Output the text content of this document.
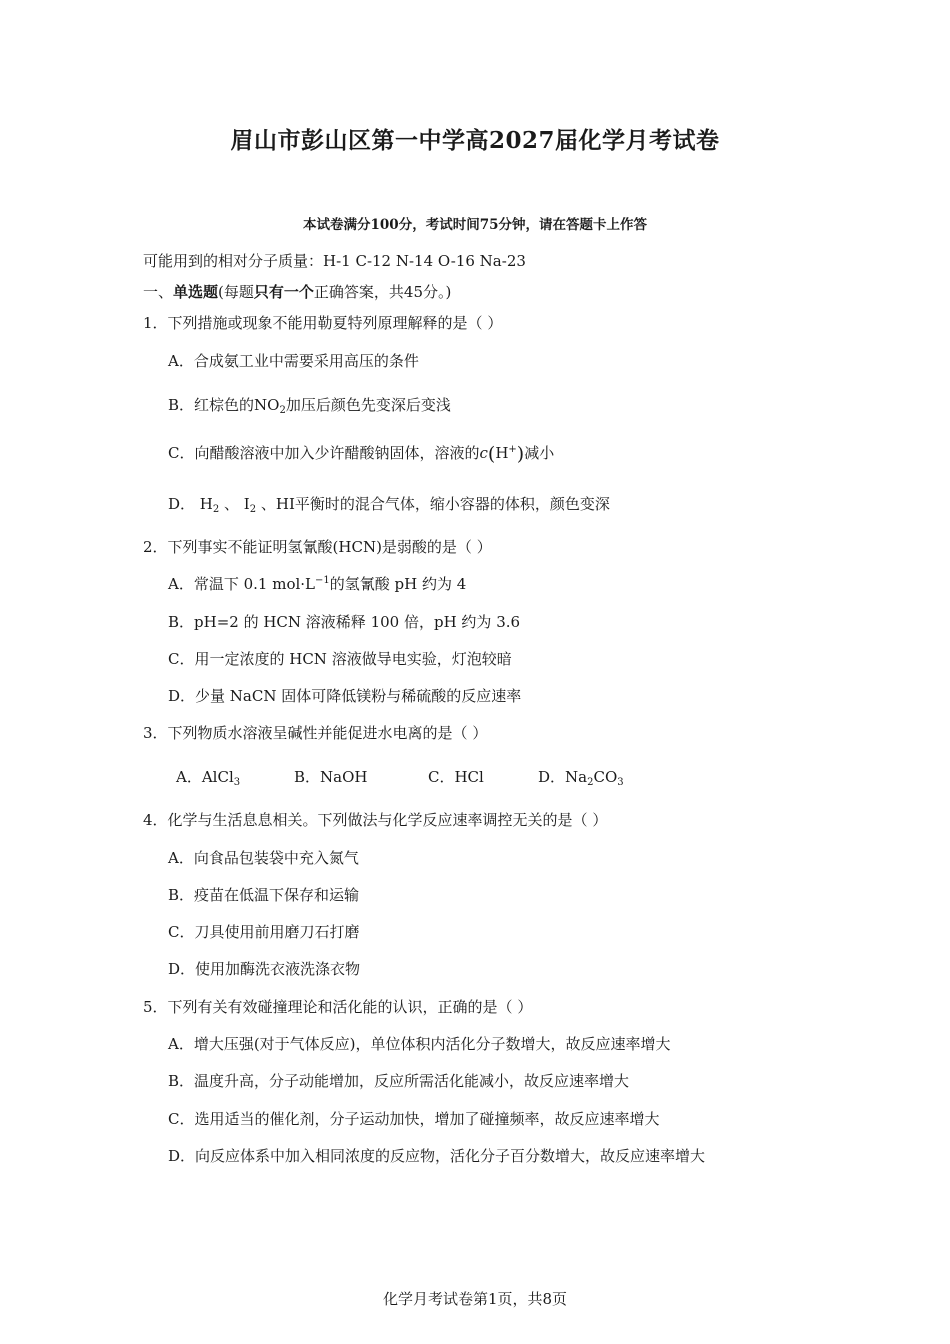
眉山市彭山区第一中学高2027届化学月考试卷
本试卷满分100分，考试时间75分钟，请在答题卡上作答
可能用到的相对分子质量：H-1 C-12 N-14 O-16 Na-23
一、单选题(每题只有一个正确答案，共45分。)
1．下列措施或现象不能用勒夏特列原理解释的是（ ）
A．合成氨工业中需要采用高压的条件
B．红棕色的$NO_2$加压后颜色先变深后变浅
C．向醋酸溶液中加入少许醋酸钠固体，溶液的c(H+)减小
D． $H_2$ 、 $I_2$ 、HI平衡时的混合气体，缩小容器的体积，颜色变深
2．下列事实不能证明氢氰酸(HCN)是弱酸的是（ ）
A．常温下 0.1 $mol\cdot L^{-1}$的氢氰酸 pH 约为 4
B．pH=2 的 HCN 溶液稀释 100 倍，pH 约为 3.6
C．用一定浓度的 HCN 溶液做导电实验，灯泡较暗
D．少量 NaCN 固体可降低镁粉与稀硫酸的反应速率
3．下列物质水溶液呈碱性并能促进水电离的是（ ）
A．AlCl$_3$	B．NaOH	C．HCl	D．$Na_2CO_3$
4．化学与生活息息相关。下列做法与化学反应速率调控无关的是（ ）
A．向食品包装袋中充入氮气
B．疫苗在低温下保存和运输
C．刀具使用前用磨刀石打磨
D．使用加酶洗衣液洗涤衣物
5．下列有关有效碰撞理论和活化能的认识，正确的是（ ）
A．增大压强(对于气体反应)，单位体积内活化分子数增大，故反应速率增大
B．温度升高，分子动能增加，反应所需活化能减小，故反应速率增大
C．选用适当的催化剂，分子运动加快，增加了碰撞频率，故反应速率增大
D．向反应体系中加入相同浓度的反应物，活化分子百分数增大，故反应速率增大
化学月考试卷第1页，共8页
